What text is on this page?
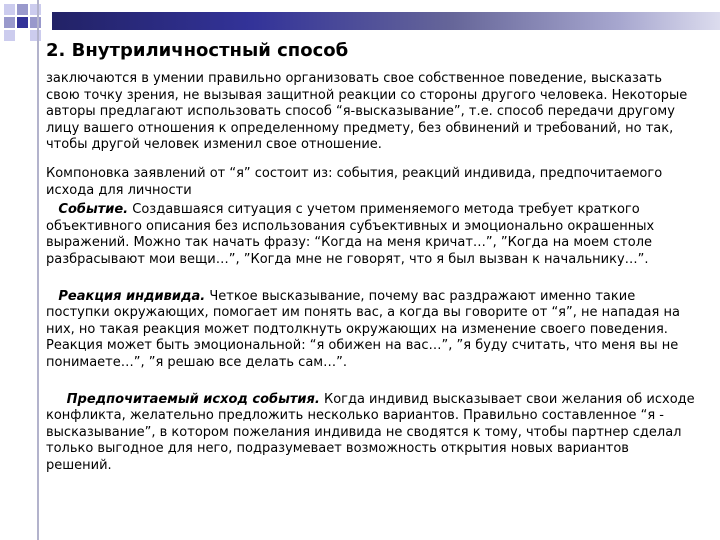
2. Внутриличностный способ

заключаются в умении правильно организовать свое собственное поведение, высказать свою точку зрения, не вызывая защитной реакции со стороны другого человека. Некоторые авторы предлагают использовать способ “я-высказывание”, т.е. способ передачи другому лицу вашего отношения к определенному предмету, без обвинений и требований, но так, чтобы другой человек изменил свое отношение.

Компоновка заявлений от “я” состоит из: события, реакций индивида, предпочитаемого исхода для личности

Событие. Создавшаяся ситуация с учетом применяемого метода требует краткого объективного описания без использования субъективных и эмоционально окрашенных выражений. Можно так начать фразу: “Когда на меня кричат…”, ”Когда на моем столе разбрасывают мои вещи…”, ”Когда мне не говорят, что я был вызван к начальнику…”.

Реакция индивида. Четкое высказывание, почему вас раздражают именно такие поступки окружающих, помогает им понять вас, а когда вы говорите от “я”, не нападая на них, но такая реакция может подтолкнуть окружающих на изменение своего поведения. Реакция может быть эмоциональной: “я обижен на вас…”, ”я буду считать, что меня вы не понимаете…”, ”я решаю все делать сам…”.

Предпочитаемый исход события. Когда индивид высказывает свои желания об исходе конфликта, желательно предложить несколько вариантов. Правильно составленное “я - высказывание”, в котором пожелания индивида не сводятся к тому, чтобы партнер сделал только выгодное для него, подразумевает возможность открытия новых вариантов решений.
